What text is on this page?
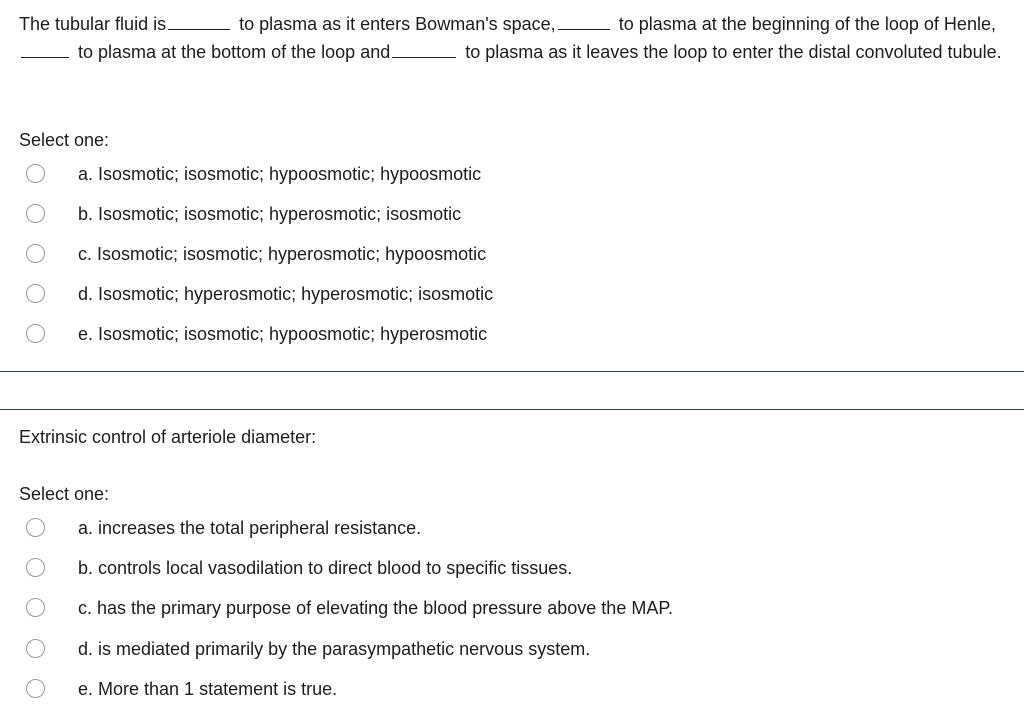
The tubular fluid is	to plasma as it enters Bowman's space,	to plasma at the beginning of the loop of Henle, to plasma at the bottom of the loop and	to plasma as it leaves the loop to enter the distal convoluted tubule.

Select one:
a. Isosmotic; isosmotic; hypoosmotic; hypoosmotic
b. Isosmotic; isosmotic; hyperosmotic; isosmotic
c. Isosmotic; isosmotic; hyperosmotic; hypoosmotic
d. Isosmotic; hyperosmotic; hyperosmotic; isosmotic
e. Isosmotic; isosmotic; hypoosmotic; hyperosmotic
Extrinsic control of arteriole diameter:
Select one:
a. increases the total peripheral resistance.
b. controls local vasodilation to direct blood to specific tissues.
c. has the primary purpose of elevating the blood pressure above the MAP.
d. is mediated primarily by the parasympathetic nervous system.
e. More than 1 statement is true.
